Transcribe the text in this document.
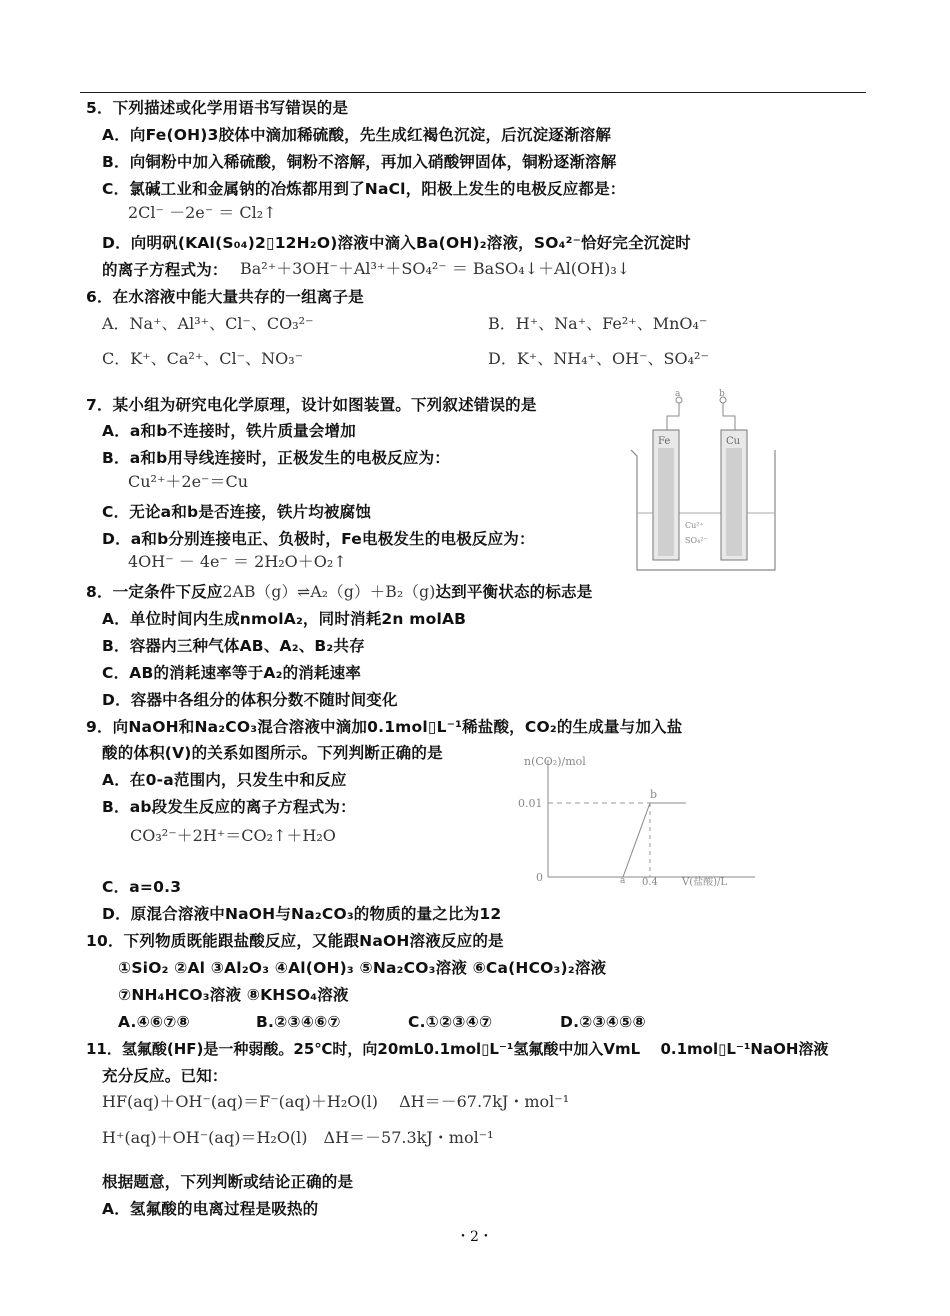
5．下列描述或化学用语书写错误的是
A．向Fe(OH)3胶体中滴加稀硫酸，先生成红褐色沉淀，后沉淀逐渐溶解
B．向铜粉中加入稀硫酸，铜粉不溶解，再加入硝酸钾固体，铜粉逐渐溶解
C．氯碱工业和金属钠的冶炼都用到了NaCl，阳极上发生的电极反应都是：
2Cl⁻ －2e⁻ ＝ Cl₂↑
D．向明矾(KAl(S₀₄)2▯12H₂O)溶液中滴入Ba(OH)₂溶液，SO₄²⁻恰好完全沉淀时
的离子方程式为： Ba²⁺＋3OH⁻＋Al³⁺＋SO₄²⁻ ＝ BaSO₄↓＋Al(OH)₃↓
6．在水溶液中能大量共存的一组离子是
A．Na⁺、Al³⁺、Cl⁻、CO₃²⁻	B．H⁺、Na⁺、Fe²⁺、MnO₄⁻
C．K⁺、Ca²⁺、Cl⁻、NO₃⁻	D．K⁺、NH₄⁺、OH⁻、SO₄²⁻
7．某小组为研究电化学原理，设计如图装置。下列叙述错误的是
A．a和b不连接时，铁片质量会增加
B．a和b用导线连接时，正极发生的电极反应为：
Cu²⁺＋2e⁻＝Cu
C．无论a和b是否连接，铁片均被腐蚀
D．a和b分别连接电正、负极时，Fe电极发生的电极反应为：
4OH⁻ － 4e⁻ ＝ 2H₂O＋O₂↑
a	b
Fe	Cu
Cu²⁺
SO₄²⁻
8．一定条件下反应2AB（g）⇌A₂（g）＋B₂（g)达到平衡状态的标志是
A．单位时间内生成nmolA₂，同时消耗2n molAB
B．容器内三种气体AB、A₂、B₂共存
C．AB的消耗速率等于A₂的消耗速率
D．容器中各组分的体积分数不随时间变化
9．向NaOH和Na₂CO₃混合溶液中滴加0.1mol▯L⁻¹稀盐酸，CO₂的生成量与加入盐
酸的体积(V)的关系如图所示。下列判断正确的是
A．在0-a范围内，只发生中和反应
B．ab段发生反应的离子方程式为：
CO₃²⁻＋2H⁺＝CO₂↑＋H₂O
C．a=0.3
D．原混合溶液中NaOH与Na₂CO₃的物质的量之比为12
n(CO₂)/mol
0.01
0	a
b
0.4 V(盐酸)/L
10．下列物质既能跟盐酸反应，又能跟NaOH溶液反应的是
①SiO₂ ②Al ③Al₂O₃ ④Al(OH)₃ ⑤Na₂CO₃溶液 ⑥Ca(HCO₃)₂溶液
⑦NH₄HCO₃溶液 ⑧KHSO₄溶液
A.④⑥⑦⑧	B.②③④⑥⑦	C.①②③④⑦	D.②③④⑤⑧
11．氢氟酸(HF)是一种弱酸。25℃时，向20mL0.1mol▯L⁻¹氢氟酸中加入VmL　 0.1mol▯L⁻¹NaOH溶液
充分反应。已知：
HF(aq)＋OH⁻(aq)＝F⁻(aq)＋H₂O(l)　 ΔH＝－67.7kJ・mol⁻¹
H⁺(aq)＋OH⁻(aq)＝H₂O(l)　ΔH＝－57.3kJ・mol⁻¹
根据题意，下列判断或结论正确的是
A．氢氟酸的电离过程是吸热的
・2・
